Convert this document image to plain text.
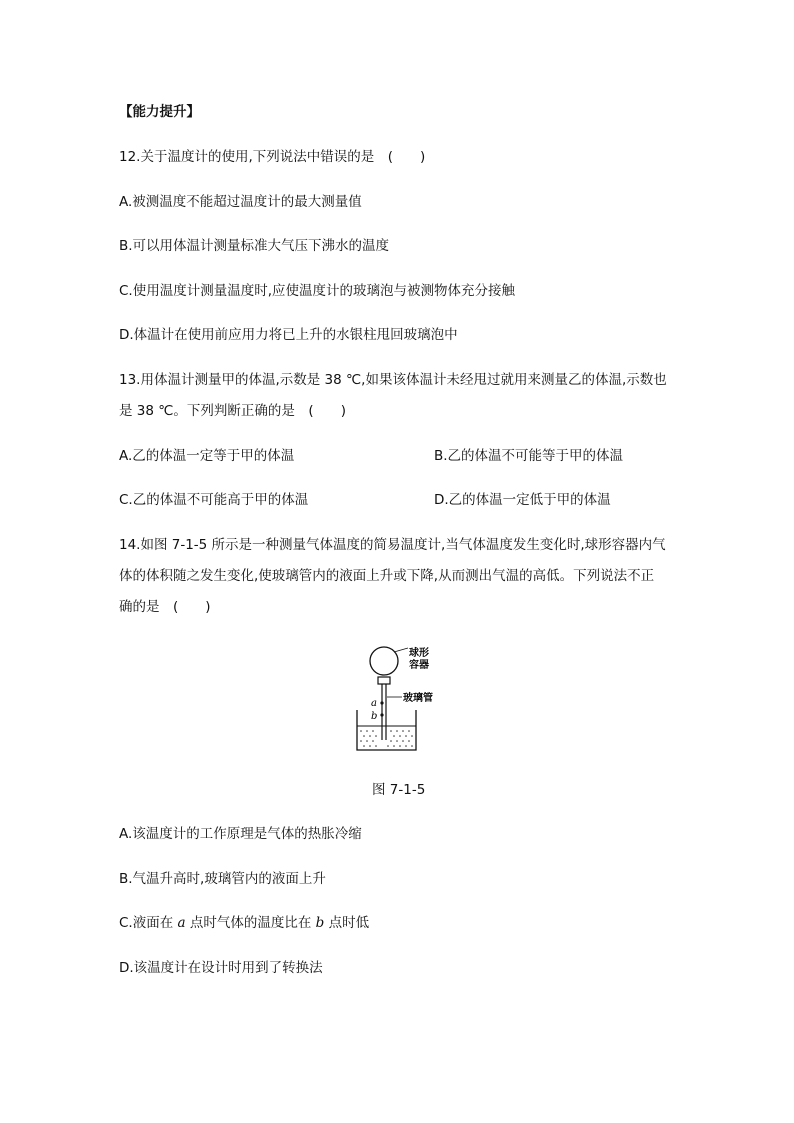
【能力提升】
12.关于温度计的使用,下列说法中错误的是　(　　)
A.被测温度不能超过温度计的最大测量值
B.可以用体温计测量标准大气压下沸水的温度
C.使用温度计测量温度时,应使温度计的玻璃泡与被测物体充分接触
D.体温计在使用前应用力将已上升的水银柱甩回玻璃泡中
13.用体温计测量甲的体温,示数是 38 ℃,如果该体温计未经甩过就用来测量乙的体温,示数也
是 38 ℃。下列判断正确的是　(　　)
A.乙的体温一定等于甲的体温	B.乙的体温不可能等于甲的体温
C.乙的体温不可能高于甲的体温	D.乙的体温一定低于甲的体温
14.如图 7-1-5 所示是一种测量气体温度的简易温度计,当气体温度发生变化时,球形容器内气
体的体积随之发生变化,使玻璃管内的液面上升或下降,从而测出气温的高低。下列说法不正
确的是　(　　)
a
b
球形
容器
玻璃管
图 7-1-5
A.该温度计的工作原理是气体的热胀冷缩
B.气温升高时,玻璃管内的液面上升
C.液面在 a 点时气体的温度比在 b 点时低
D.该温度计在设计时用到了转换法
